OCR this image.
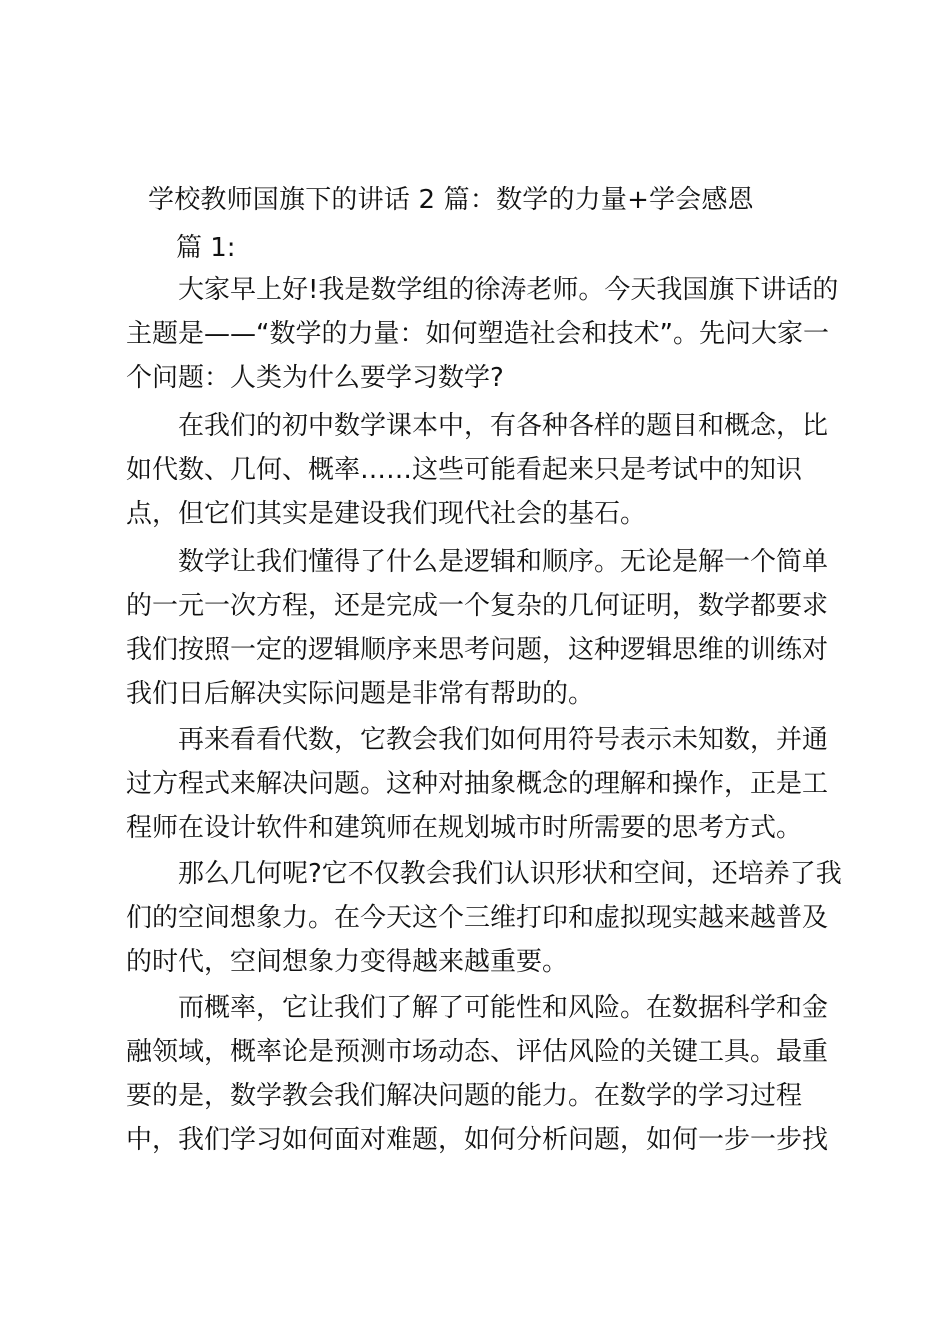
学校教师国旗下的讲话 2 篇：数学的力量+学会感恩
篇 1:
大家早上好!我是数学组的徐涛老师。今天我国旗下讲话的
主题是——“数学的力量：如何塑造社会和技术”。先问大家一
个问题：人类为什么要学习数学?
在我们的初中数学课本中，有各种各样的题目和概念，比
如代数、几何、概率……这些可能看起来只是考试中的知识
点，但它们其实是建设我们现代社会的基石。
数学让我们懂得了什么是逻辑和顺序。无论是解一个简单
的一元一次方程，还是完成一个复杂的几何证明，数学都要求
我们按照一定的逻辑顺序来思考问题，这种逻辑思维的训练对
我们日后解决实际问题是非常有帮助的。
再来看看代数，它教会我们如何用符号表示未知数，并通
过方程式来解决问题。这种对抽象概念的理解和操作，正是工
程师在设计软件和建筑师在规划城市时所需要的思考方式。
那么几何呢?它不仅教会我们认识形状和空间，还培养了我
们的空间想象力。在今天这个三维打印和虚拟现实越来越普及
的时代，空间想象力变得越来越重要。
而概率，它让我们了解了可能性和风险。在数据科学和金
融领域，概率论是预测市场动态、评估风险的关键工具。最重
要的是，数学教会我们解决问题的能力。在数学的学习过程
中，我们学习如何面对难题，如何分析问题，如何一步一步找
